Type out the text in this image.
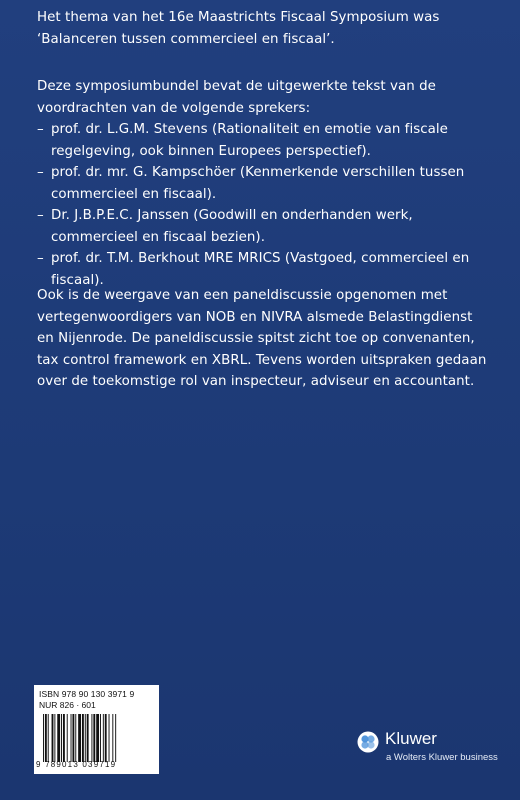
Het thema van het 16e Maastrichts Fiscaal Symposium was
‘Balanceren tussen commercieel en fiscaal’.
Deze symposiumbundel bevat de uitgewerkte tekst van de
voordrachten van de volgende sprekers:
– prof. dr. L.G.M. Stevens (Rationaliteit en emotie van fiscale
regelgeving, ook binnen Europees perspectief).
– prof. dr. mr. G. Kampschöer (Kenmerkende verschillen tussen
commercieel en fiscaal).
– Dr. J.B.P.E.C. Janssen (Goodwill en onderhanden werk,
commercieel en fiscaal bezien).
– prof. dr. T.M. Berkhout MRE MRICS (Vastgoed, commercieel en
fiscaal).
Ook is de weergave van een paneldiscussie opgenomen met
vertegenwoordigers van NOB en NIVRA alsmede Belastingdienst
en Nijenrode. De paneldiscussie spitst zicht toe op convenanten,
tax control framework en XBRL. Tevens worden uitspraken gedaan
over de toekomstige rol van inspecteur, adviseur en accountant.
ISBN 978 90 130 3971 9
NUR 826 · 601
9 789013 039719
Kluwer
a Wolters Kluwer business
